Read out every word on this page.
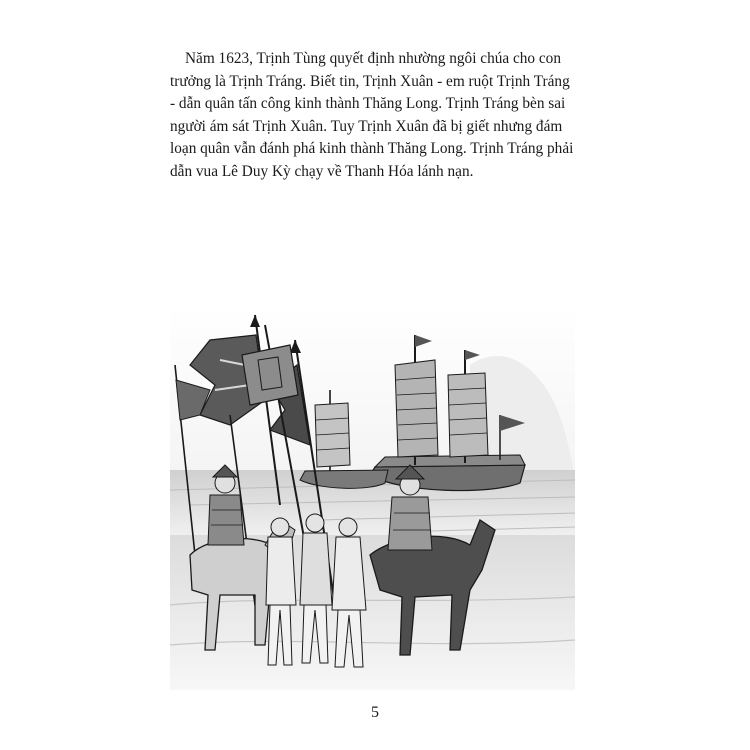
Năm 1623, Trịnh Tùng quyết định nhường ngôi chúa cho con
trưởng là Trịnh Tráng. Biết tin, Trịnh Xuân - em ruột Trịnh Tráng
- dẫn quân tấn công kinh thành Thăng Long. Trịnh Tráng bèn sai
người ám sát Trịnh Xuân. Tuy Trịnh Xuân đã bị giết nhưng đám
loạn quân vẫn đánh phá kinh thành Thăng Long. Trịnh Tráng phải
dẫn vua Lê Duy Kỳ chạy về Thanh Hóa lánh nạn.
5
